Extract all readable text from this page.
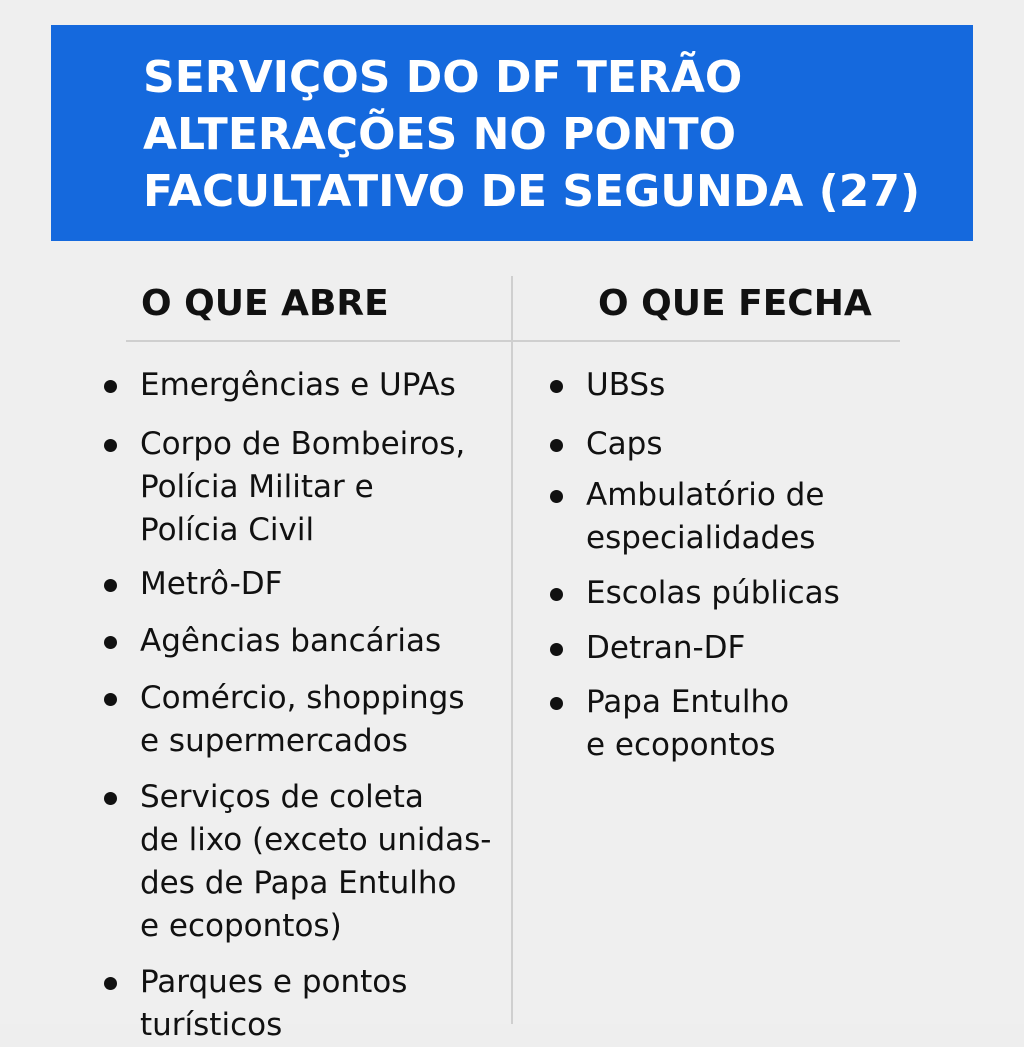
SERVIÇOS DO DF TERÃO
ALTERAÇÕES NO PONTO
FACULTATIVO DE SEGUNDA (27)
O QUE ABRE	O QUE FECHA
Emergências e UPAs
Corpo de Bombeiros,
Polícia Militar e
Polícia Civil
Metrô-DF
Agências bancárias
Comércio, shoppings
e supermercados
Serviços de coleta
de lixo (exceto unidas-
des de Papa Entulho
e ecopontos)
Parques e pontos
turísticos
UBSs
Caps
Ambulatório de
especialidades
Escolas públicas
Detran-DF
Papa Entulho
e ecopontos
